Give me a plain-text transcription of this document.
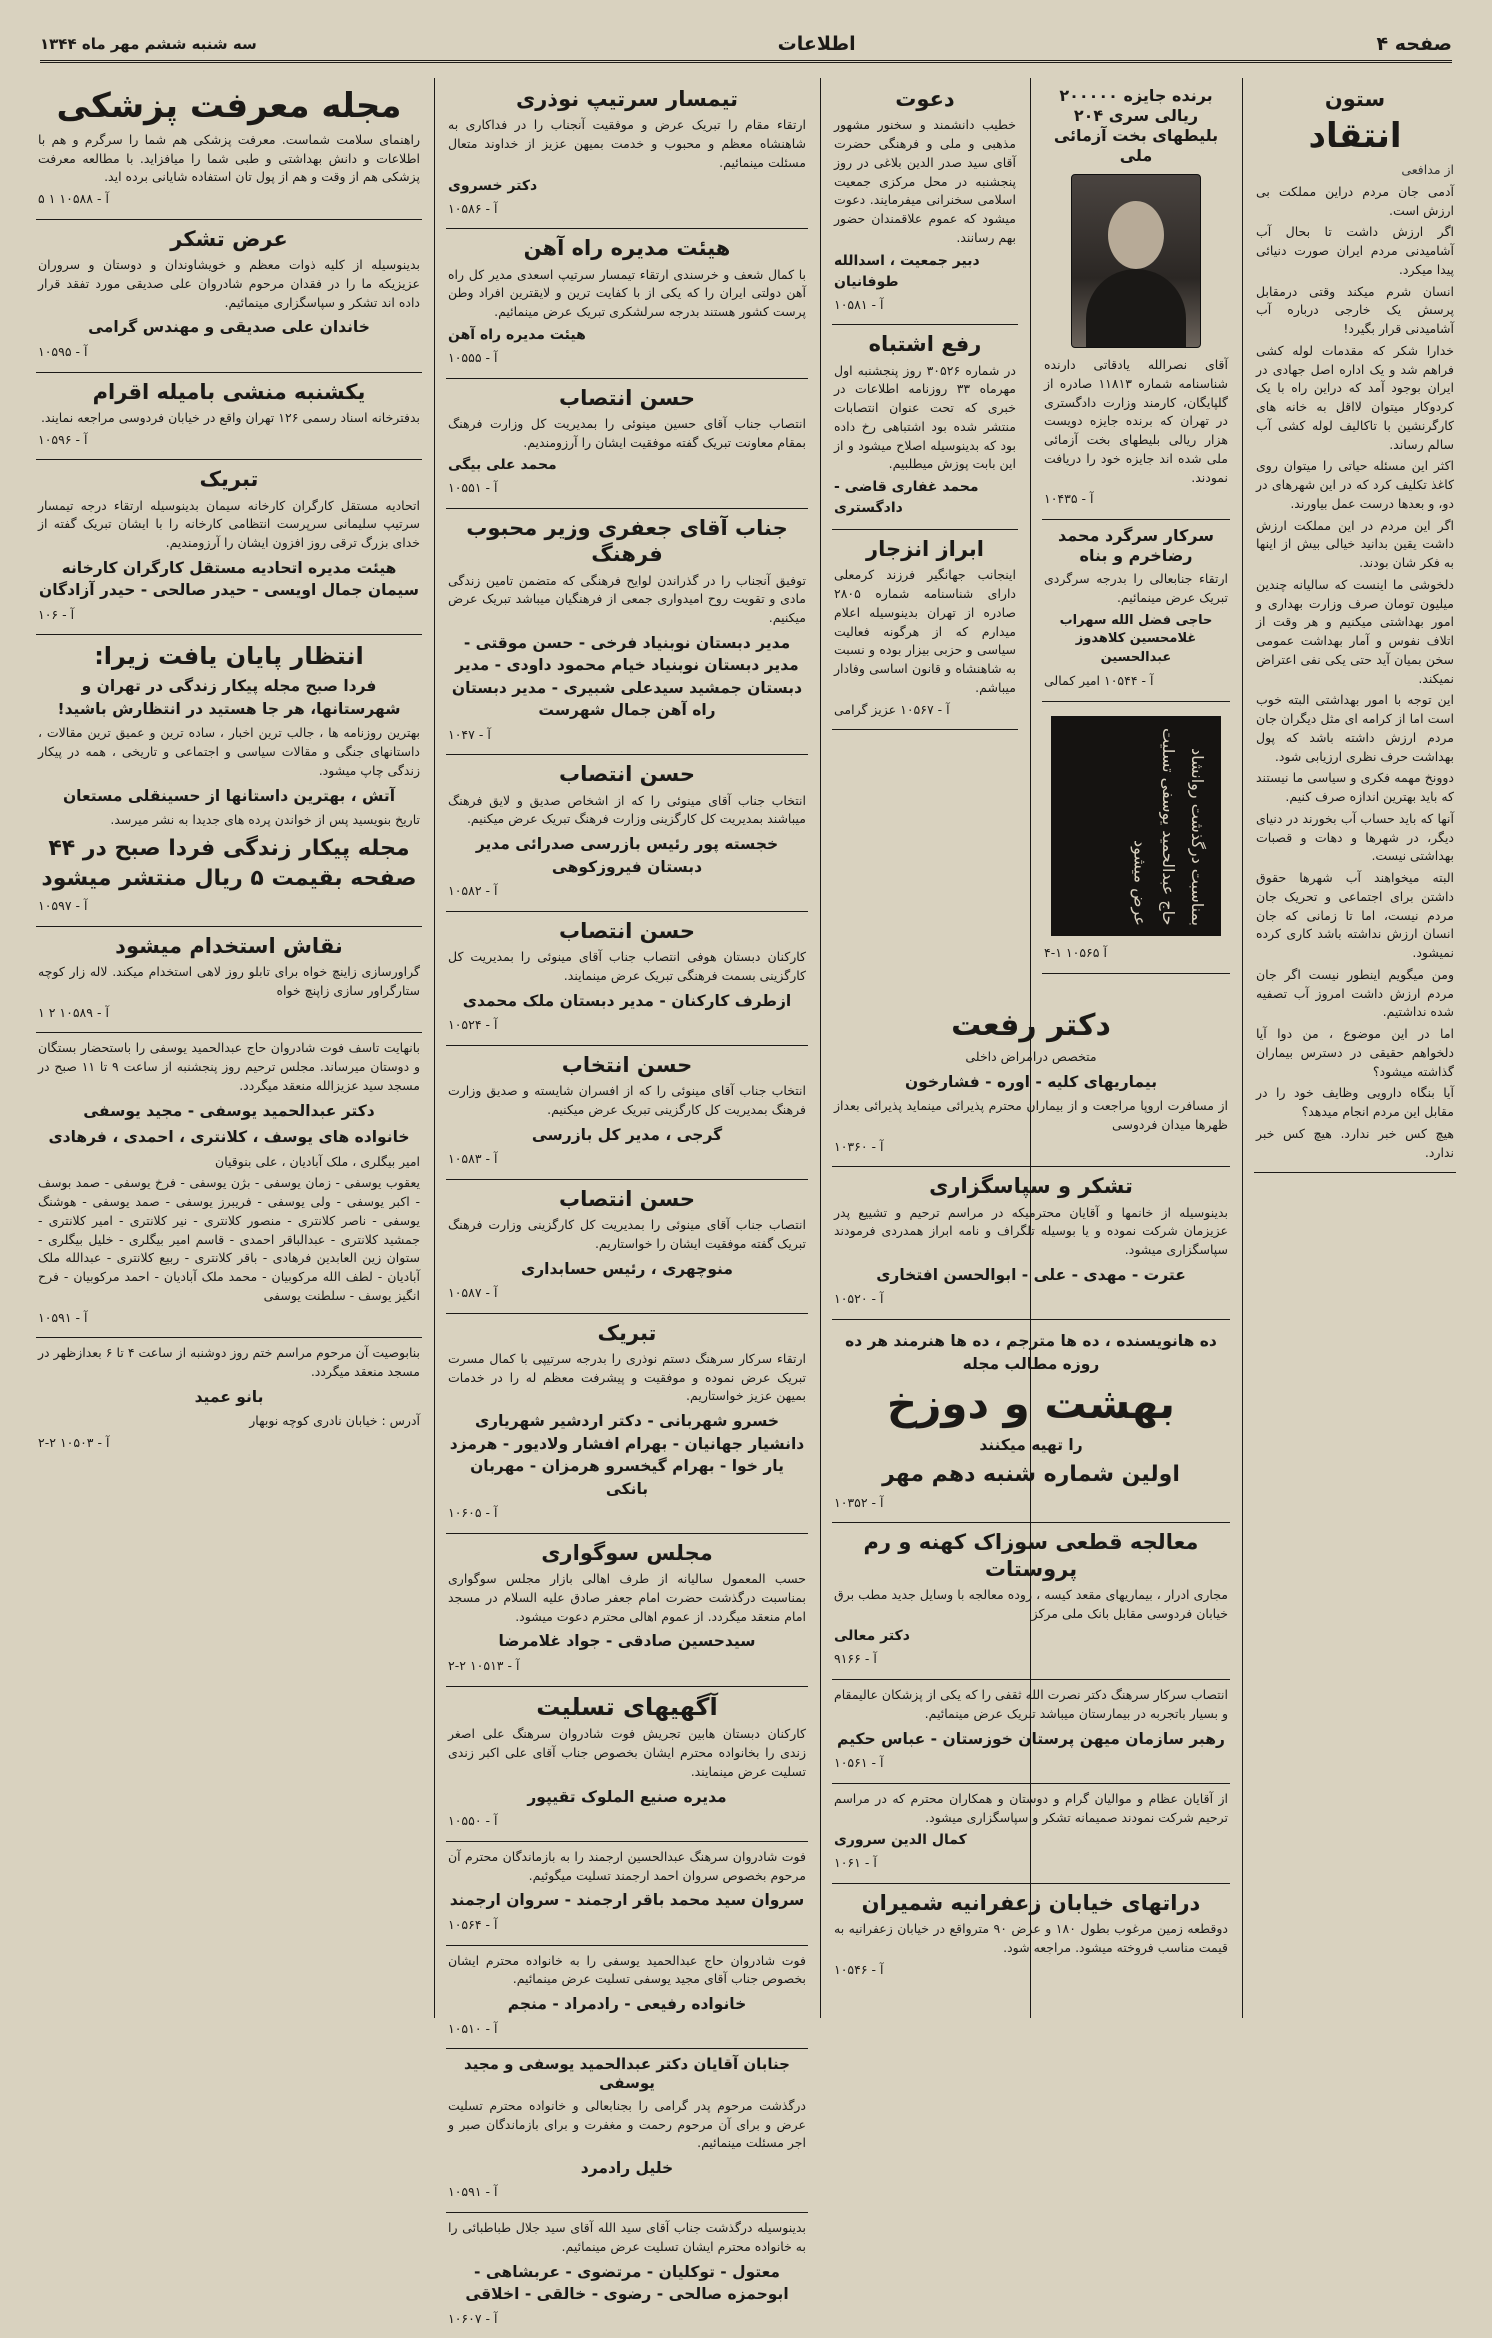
صفحه ۴
اطلاعات
سه شنبه ششم مهر ماه ۱۳۴۴
ستون
انتقاد

از مدافعی

آدمی جان مردم دراین مملکت بی ارزش است.

اگر ارزش داشت تا بحال آب آشامیدنی مردم ایران صورت دنیائی پیدا میکرد.

انسان شرم میکند وقتی درمقابل پرسش یک خارجی درباره آب آشامیدنی قرار بگیرد!

خدارا شکر که مقدمات لوله کشی فراهم شد و یک اداره اصل جهادی در ایران بوجود آمد که دراین راه با یک کردوکار میتوان لااقل به خانه های کارگرنشین با تاکالیف لوله کشی آب سالم رساند.

اکثر این مسئله حیاتی را میتوان روی کاغذ تکلیف کرد که در این شهرهای در دو، و بعدها درست عمل بیاورند.

اگر این مردم در این مملکت ارزش داشت یقین بدانید خیالی بیش از اینها به فکر شان بودند.

دلخوشی ما اینست که سالیانه چندین میلیون تومان صرف وزارت بهداری و امور بهداشتی میکنیم و هر وقت از اتلاف نفوس و آمار بهداشت عمومی سخن بمیان آید حتی یکی نفی اعتراض نمیکند.

این توجه با امور بهداشتی البته خوب است اما از کرامه ای مثل دیگران جان مردم ارزش داشته باشد که پول بهداشت حرف نظری ارزیابی شود.

دوونخ مهمه فکری و سیاسی ما نیستند که باید بهترین اندازه صرف کنیم.

آنها که باید حساب آب بخورند در دنیای دیگر، در شهرها و دهات و قصبات بهداشتی نیست.

البته میخواهند آب شهرها حقوق داشتن برای اجتماعی و تحریک جان مردم نیست، اما تا زمانی که جان انسان ارزش نداشته باشد کاری کرده نمیشود.

ومن میگویم اینطور نیست اگر جان مردم ارزش داشت امروز آب تصفیه شده نداشتیم.

اما در این موضوع ، من دوا آیا دلخواهم حقیقی در دسترس بیماران گذاشته میشود؟

آیا بنگاه دارویی وظایف خود را در مقابل این مردم انجام میدهد؟

هیچ کس خبر ندارد. هیچ کس خبر ندارد.

برنده جایزه ۲۰۰۰۰۰ ریالی سری ۲۰۴ بلیطهای بخت آزمائی ملی

آقای نصرالله یادقاتی دارنده شناسنامه شماره ۱۱۸۱۳ صادره از گلپایگان، کارمند وزارت دادگستری در تهران که برنده جایزه دویست هزار ریالی بلیطهای بخت آزمائی ملی شده اند جایزه خود را دریافت نمودند.

آ - ۱۰۴۳۵

سرکار سرگرد محمد رضاخرم و بناه

ارتقاء جنابعالی را بدرجه سرگردی تبریک عرض مینمائیم.

حاجی فضل الله سهراب غلامحسین کلاهدوز عبدالحسین

آ - ۱۰۵۴۴ امیر کمالی

بمناسبت درگذشت روانشاد حاج عبدالحمید یوسفی تسلیت عرض میشود

۴-۱ ۱۰۵۶۵ آ

دعوت

خطیب دانشمند و سخنور مشهور مذهبی و ملی و فرهنگی حضرت آقای سید صدر الدین بلاغی در روز پنجشنبه در محل مرکزی جمعیت اسلامی سخنرانی میفرمایند. دعوت میشود که عموم علاقمندان حضور بهم رسانند.

دبیر جمعیت ، اسدالله طوفانیان

آ - ۱۰۵۸۱

رفع اشتباه

در شماره ۳۰۵۲۶ روز پنجشنبه اول مهرماه ۳۳ روزنامه اطلاعات در خبری که تحت عنوان انتصابات منتشر شده بود اشتباهی رخ داده بود که بدینوسیله اصلاح میشود و از این بابت پوزش میطلبیم.

محمد غفاری قاضی - دادگستری

ابراز انزجار

اینجانب جهانگیر فرزند کرمعلی دارای شناسنامه شماره ۲۸۰۵ صادره از تهران بدینوسیله اعلام میدارم که از هرگونه فعالیت سیاسی و حزبی بیزار بوده و نسبت به شاهنشاه و قانون اساسی وفادار میباشم.

آ - ۱۰۵۶۷ عزیز گرامی

دکتر رفعت

متخصص درامراض داخلی

بیماریهای کلیه - اوره - فشارخون

از مسافرت اروپا مراجعت و از بیماران محترم پذیرائی مینماید پذیرائی بعداز ظهرها میدان فردوسی

آ - ۱۰۳۶۰

تشکر و سپاسگزاری

بدینوسیله از خانمها و آقایان محترمیکه در مراسم ترحیم و تشییع پدر عزیزمان شرکت نموده و یا بوسیله تلگراف و نامه ابراز همدردی فرمودند سپاسگزاری میشود.

عترت - مهدی - علی - ابوالحسن افتخاری

آ - ۱۰۵۲۰

ده هانویسنده ، ده ها مترجم ، ده ها هنرمند هر ده روزه مطالب مجله

بهشت و دوزخ

را تهیه میکنند

اولین شماره شنبه دهم مهر

آ - ۱۰۳۵۲

معالجه قطعی سوزاک کهنه و رم پروستات

مجاری ادرار ، بیماریهای مقعد کیسه ، روده معالجه با وسایل جدید مطب برق خیابان فردوسی مقابل بانک ملی مرکز

دکتر معالی

آ - ۹۱۶۶

انتصاب سرکار سرهنگ دکتر نصرت الله ثقفی را که یکی از پزشکان عالیمقام و بسیار باتجربه در بیمارستان میباشد تبریک عرض مینمائیم.

رهبر سازمان میهن پرستان خوزستان - عباس حکیم

آ - ۱۰۵۶۱

از آقایان عظام و موالیان گرام و دوستان و همکاران محترم که در مراسم ترحیم شرکت نمودند صمیمانه تشکر و سپاسگزاری میشود.

کمال الدین سروری

آ - ۱۰۶۱

دراتهای خیابان زعفرانیه شمیران

دوقطعه زمین مرغوب بطول ۱۸۰ و عرض ۹۰ مترواقع در خیابان زعفرانیه به قیمت مناسب فروخته میشود. مراجعه شود.

آ - ۱۰۵۴۶

تیمسار سرتیپ نوذری

ارتقاء مقام را تبریک عرض و موفقیت آنجناب را در فداکاری به شاهنشاه معظم و محبوب و خدمت بمیهن عزیز از خداوند متعال مسئلت مینمائیم.

دکتر خسروی

آ - ۱۰۵۸۶

هیئت مدیره راه آهن

با کمال شعف و خرسندی ارتقاء تیمسار سرتیپ اسعدی مدیر کل راه آهن دولتی ایران را که یکی از با کفایت ترین و لایقترین افراد وطن پرست کشور هستند بدرجه سرلشکری تبریک عرض مینمائیم.

هیئت مدیره راه آهن

آ - ۱۰۵۵۵

حسن انتصاب

انتصاب جناب آقای حسین مینوئی را بمدیریت کل وزارت فرهنگ بمقام معاونت تبریک گفته موفقیت ایشان را آرزومندیم.

محمد علی بیگی

آ - ۱۰۵۵۱

جناب آقای جعفری وزیر محبوب فرهنگ

توفیق آنجناب را در گذراندن لوایح فرهنگی که متضمن تامین زندگی مادی و تقویت روح امیدواری جمعی از فرهنگیان میباشد تبریک عرض میکنیم.

مدیر دبستان نوبنیاد فرخی - حسن موقتی - مدیر دبستان نوبنیاد خیام محمود داودی - مدیر دبستان جمشید سیدعلی شبیری - مدیر دبستان راه آهن جمال شهرست

آ - ۱۰۴۷

حسن انتصاب

انتخاب جناب آقای مینوئی را که از اشخاص صدیق و لایق فرهنگ میباشند بمدیریت کل کارگزینی وزارت فرهنگ تبریک عرض میکنیم.

خجسته پور رئیس بازرسی صدرائی مدیر دبستان فیروزکوهی

آ - ۱۰۵۸۲

حسن انتصاب

کارکنان دبستان هوفی انتصاب جناب آقای مینوئی را بمدیریت کل کارگزینی بسمت فرهنگی تبریک عرض مینمایند.

ازطرف کارکنان - مدیر دبستان ملک محمدی

آ - ۱۰۵۲۴

حسن انتخاب

انتخاب جناب آقای مینوئی را که از افسران شایسته و صدیق وزارت فرهنگ بمدیریت کل کارگزینی تبریک عرض میکنیم.

گرجی ، مدیر کل بازرسی

آ - ۱۰۵۸۳

حسن انتصاب

انتصاب جناب آقای مینوئی را بمدیریت کل کارگزینی وزارت فرهنگ تبریک گفته موفقیت ایشان را خواستاریم.

منوچهری ، رئیس حسابداری

آ - ۱۰۵۸۷

تبریک

ارتقاء سرکار سرهنگ دستم نوذری را بدرجه سرتیپی با کمال مسرت تبریک عرض نموده و موفقیت و پیشرفت معظم له را در خدمات بمیهن عزیز خواستاریم.

خسرو شهربانی - دکتر اردشیر شهریاری دانشیار جهانیان - بهرام افشار ولادیور - هرمزد یار خوا - بهرام گیخسرو هرمزان - مهربان بانکی

آ - ۱۰۶۰۵

مجلس سوگواری

حسب المعمول سالیانه از طرف اهالی بازار مجلس سوگواری بمناسبت درگذشت حضرت امام جعفر صادق علیه السلام در مسجد امام منعقد میگردد. از عموم اهالی محترم دعوت میشود.

سیدحسین صادقی - جواد غلامرضا

آ - ۱۰۵۱۳ ۲-۲

آگهیهای تسلیت

کارکنان دبستان هابین تجریش فوت شادروان سرهنگ علی اصغر زندی را بخانواده محترم ایشان بخصوص جناب آقای علی اکبر زندی تسلیت عرض مینمایند.

مدیره صنیع الملوک تقیپور

آ - ۱۰۵۵۰

فوت شادروان سرهنگ عبدالحسین ارجمند را به بازماندگان محترم آن مرحوم بخصوص سروان احمد ارجمند تسلیت میگوئیم.

سروان سید محمد باقر ارجمند - سروان ارجمند

آ - ۱۰۵۶۴

فوت شادروان حاج عبدالحمید یوسفی را به خانواده محترم ایشان بخصوص جناب آقای مجید یوسفی تسلیت عرض مینمائیم.

خانواده رفیعی - رادمراد - منجم

آ - ۱۰۵۱۰

جنابان آقایان دکتر عبدالحمید یوسفی و مجید یوسفی

درگذشت مرحوم پدر گرامی را بجنابعالی و خانواده محترم تسلیت عرض و برای آن مرحوم رحمت و مغفرت و برای بازماندگان صبر و اجر مسئلت مینمائیم.

خلیل رادمرد

آ - ۱۰۵۹۱

بدینوسیله درگذشت جناب آقای سید الله آقای سید جلال طباطبائی را به خانواده محترم ایشان تسلیت عرض مینمائیم.

معتول - توکلیان - مرتضوی - عربشاهی - ابوحمزه صالحی - رضوی - خالقی - اخلاقی

آ - ۱۰۶۰۷

مجله معرفت پزشکی

راهنمای سلامت شماست. معرفت پزشکی هم شما را سرگرم و هم با اطلاعات و دانش بهداشتی و طبی شما را میافزاید. با مطالعه معرفت پزشکی هم از وقت و هم از پول تان استفاده شایانی برده اید.

آ - ۱۰۵۸۸ ۱ ۵

عرض تشکر

بدینوسیله از کلیه ذوات معظم و خویشاوندان و دوستان و سروران عزیزیکه ما را در فقدان مرحوم شادروان علی صدیقی مورد تفقد قرار داده اند تشکر و سپاسگزاری مینمائیم.

خاندان علی صدیقی و مهندس گرامی

آ - ۱۰۵۹۵

یکشنبه منشی بامیله اقرام

بدفترخانه اسناد رسمی ۱۲۶ تهران واقع در خیابان فردوسی مراجعه نمایند.

آ - ۱۰۵۹۶

تبریک

اتحادیه مستقل کارگران کارخانه سیمان بدینوسیله ارتقاء درجه تیمسار سرتیپ سلیمانی سرپرست انتظامی کارخانه را با ایشان تبریک گفته از خدای بزرگ ترقی روز افزون ایشان را آرزومندیم.

هیئت مدیره اتحادیه مستقل کارگران کارخانه سیمان جمال اویسی - حیدر صالحی - حیدر آزادگان

آ - ۱۰۶

انتظار پایان یافت زیرا:

فردا صبح مجله پیکار زندگی در تهران و شهرستانها، هر جا هستید در انتظارش باشید!

بهترین روزنامه ها ، جالب ترین اخبار ، ساده ترین و عمیق ترین مقالات ، داستانهای جنگی و مقالات سیاسی و اجتماعی و تاریخی ، همه در پیکار زندگی چاپ میشود.

آتش ، بهترین داستانها از حسینقلی مستعان

تاریخ بنویسید پس از خواندن پرده های جدیدا به نشر میرسد.

مجله پیکار زندگی فردا صبح در ۴۴ صفحه بقیمت ۵ ریال منتشر میشود

آ - ۱۰۵۹۷

نقاش استخدام میشود

گراورسازی زاینچ خواه برای تابلو روز لاهی استخدام میکند. لاله زار کوچه ستارگراور سازی زاپنچ خواه

آ - ۱۰۵۸۹ ۲ ۱

بانهایت تاسف فوت شادروان حاج عبدالحمید یوسفی را باستحضار بستگان و دوستان میرساند. مجلس ترحیم روز پنجشنبه از ساعت ۹ تا ۱۱ صبح در مسجد سید عزیزالله منعقد میگردد.

دکتر عبدالحمید یوسفی - مجید یوسفی

خانواده های یوسف ، کلانتری ، احمدی ، فرهادی

امیر بیگلری ، ملک آبادیان ، علی بنوقیان

یعقوب یوسفی - زمان یوسفی - بژن یوسفی - فرخ یوسفی - صمد بوسف - اکبر یوسفی - ولی یوسفی - فریبرز یوسفی - صمد یوسفی - هوشنگ یوسفی - ناصر کلانتری - منصور کلانتری - نیر کلانتری - امیر کلانتری - جمشید کلانتری - عبدالباقر احمدی - قاسم امیر بیگلری - خلیل بیگلری - ستوان زین العابدین فرهادی - باقر کلانتری - ربیع کلانتری - عبدالله ملک آبادیان - لطف الله مرکوبیان - محمد ملک آبادیان - احمد مرکوبیان - فرح انگیز یوسف - سلطنت یوسفی

آ - ۱۰۵۹۱

بنابوصیت آن مرحوم مراسم ختم روز دوشنبه از ساعت ۴ تا ۶ بعدازظهر در مسجد منعقد میگردد.

بانو عمید

آدرس : خیابان نادری کوچه نوبهار

آ - ۱۰۵۰۳ ۲-۲
